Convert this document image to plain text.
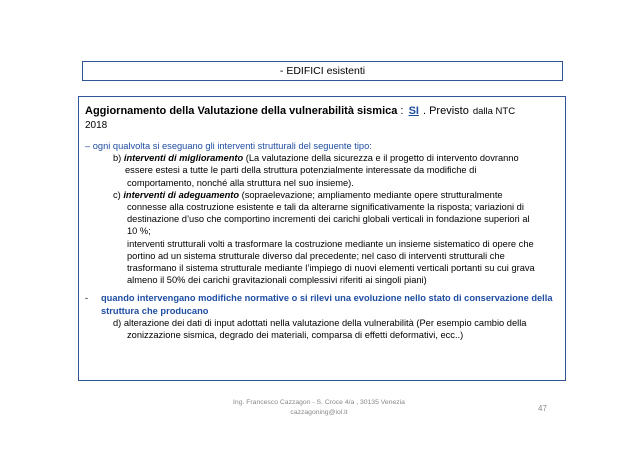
- EDIFICI esistenti
Aggiornamento della Valutazione della vulnerabilità sismica : SI . Previsto dalla NTC
2018
– ogni qualvolta si eseguano gli interventi strutturali del seguente tipo:
b) interventi di miglioramento (La valutazione della sicurezza e il progetto di intervento dovranno
essere estesi a tutte le parti della struttura potenzialmente interessate da modifiche di
comportamento, nonché alla struttura nel suo insieme).
c) interventi di adeguamento (sopraelevazione; ampliamento mediante opere strutturalmente
connesse alla costruzione esistente e tali da alterarne significativamente la risposta; variazioni di
destinazione d’uso che comportino incrementi dei carichi globali verticali in fondazione superiori al
10 %;
interventi strutturali volti a trasformare la costruzione mediante un insieme sistematico di opere che
portino ad un sistema strutturale diverso dal precedente; nel caso di interventi strutturali che
trasformano il sistema strutturale mediante l’impiego di nuovi elementi verticali portanti su cui grava
almeno il 50% dei carichi gravitazionali complessivi riferiti ai singoli piani)
- quando intervengano modifiche normative o si rilevi una evoluzione nello stato di conservazione della
struttura che producano
d) alterazione dei dati di input adottati nella valutazione della vulnerabilità (Per esempio cambio della
zonizzazione sismica, degrado dei materiali, comparsa di effetti deformativi, ecc..)
Ing. Francesco Cazzagon - S. Croce 4/a , 30135 Venezia
cazzagoning@iol.it	47
